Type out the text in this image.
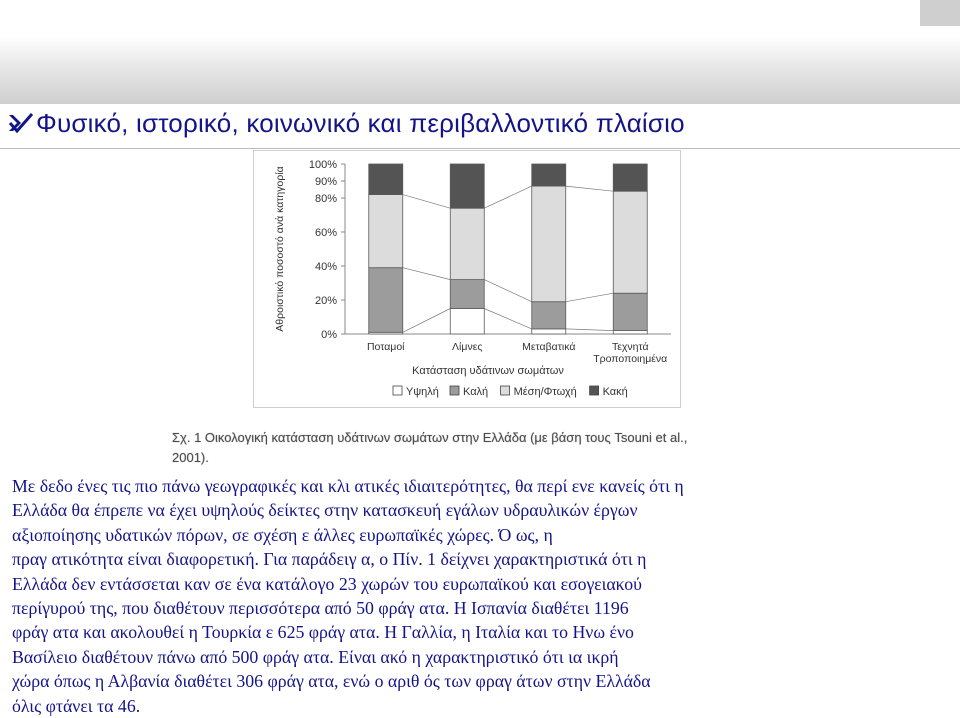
Φυσικό, ιστορικό, κοινωνικό και περιβαλλοντικό πλαίσιο
0%
20%
40%
60%
80%
90%
100%
Αθροιστικό ποσοστό ανά κατηγορία
Ποταμοί	Λίμνες	Μεταβατικά	Τεχνητά
Τροποποιημένα
Κατάσταση υδάτινων σωμάτων
Υψηλή Καλή Μέση/Φτωχή Κακή
Σχ. 1 Οικολογική κατάσταση υδάτινων σωμάτων στην Ελλάδα (με βάση τους Tsouni et al.,
2001).
Με δεδο ένες τις πιο πάνω γεωγραφικές και κλι ατικές ιδιαιτερότητες, θα περί ενε κανείς ότι η
Ελλάδα θα έπρεπε να έχει υψηλούς δείκτες στην κατασκευή εγάλων υδραυλικών έργων
αξιοποίησης υδατικών πόρων, σε σχέση ε άλλες ευρωπαϊκές χώρες. Ό ως, η
πραγ ατικότητα είναι διαφορετική. Για παράδειγ α, ο Πίν. 1 δείχνει χαρακτηριστικά ότι η
Ελλάδα δεν εντάσσεται καν σε ένα κατάλογο 23 χωρών του ευρωπαϊκού και εσογειακού
περίγυρού της, που διαθέτουν περισσότερα από 50 φράγ ατα. Η Ισπανία διαθέτει 1196
φράγ ατα και ακολουθεί η Τουρκία ε 625 φράγ ατα. Η Γαλλία, η Ιταλία και το Ηνω ένο
Βασίλειο διαθέτουν πάνω από 500 φράγ ατα. Είναι ακό η χαρακτηριστικό ότι ια ικρή
χώρα όπως η Αλβανία διαθέτει 306 φράγ ατα, ενώ ο αριθ ός των φραγ άτων στην Ελλάδα
όλις φτάνει τα 46.
